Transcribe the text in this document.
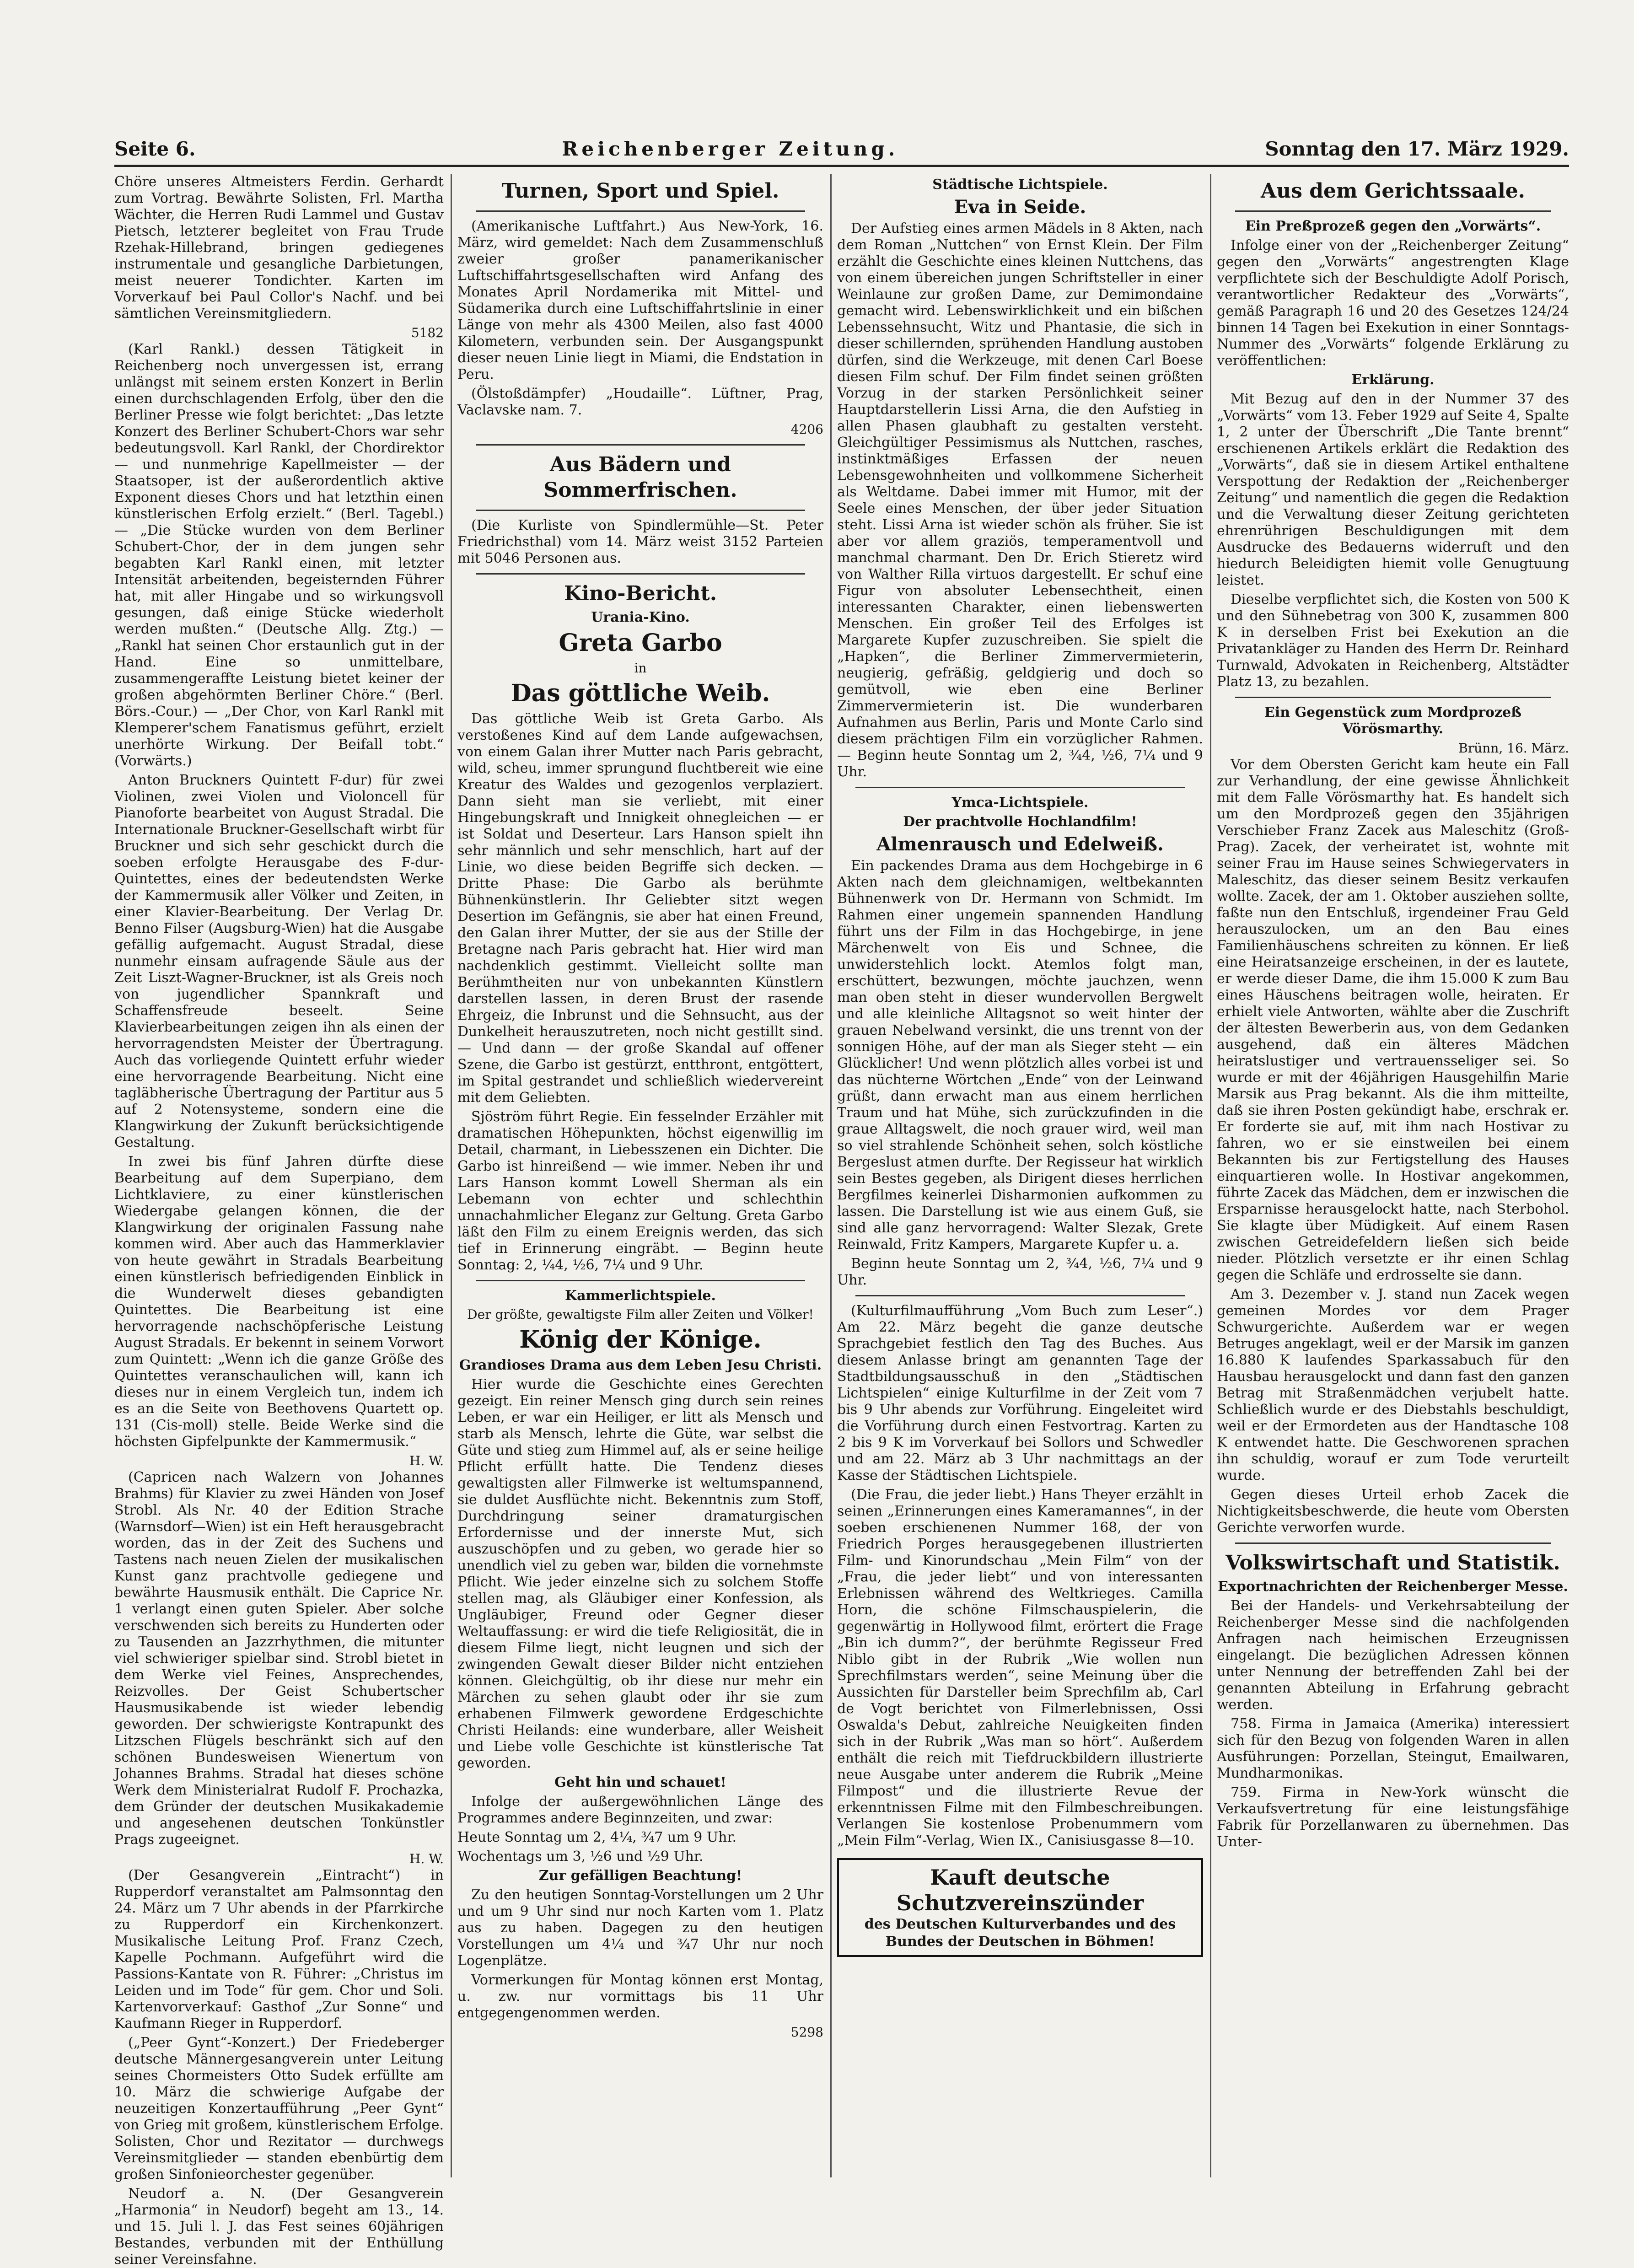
Seite 6.	Reichenberger Zeitung.	Sonntag den 17. März 1929.

Chöre unseres Altmeisters Ferdin. Gerhardt zum Vortrag. Bewährte Solisten, Frl. Martha Wächter, die Herren Rudi Lammel und Gustav Pietsch, letzterer begleitet von Frau Trude Rzehak-Hillebrand, bringen gediegenes instrumentale und gesangliche Darbietungen, meist neuerer Tondichter. Karten im Vorverkauf bei Paul Collor's Nachf. und bei sämtlichen Vereinsmitgliedern.

5182

(Karl Rankl.) dessen Tätigkeit in Reichenberg noch unvergessen ist, errang unlängst mit seinem ersten Konzert in Berlin einen durchschlagenden Erfolg, über den die Berliner Presse wie folgt berichtet: „Das letzte Konzert des Berliner Schubert-Chors war sehr bedeutungsvoll. Karl Rankl, der Chordirektor — und nunmehrige Kapellmeister — der Staatsoper, ist der außerordentlich aktive Exponent dieses Chors und hat letzthin einen künstlerischen Erfolg erzielt.“ (Berl. Tagebl.) — „Die Stücke wurden von dem Berliner Schubert-Chor, der in dem jungen sehr begabten Karl Rankl einen, mit letzter Intensität arbeitenden, begeisternden Führer hat, mit aller Hingabe und so wirkungsvoll gesungen, daß einige Stücke wiederholt werden mußten.“ (Deutsche Allg. Ztg.) — „Rankl hat seinen Chor erstaunlich gut in der Hand. Eine so unmittelbare, zusammengeraffte Leistung bietet keiner der großen abgehörmten Berliner Chöre.“ (Berl. Börs.-Cour.) — „Der Chor, von Karl Rankl mit Klemperer'schem Fanatismus geführt, erzielt unerhörte Wirkung. Der Beifall tobt.“ (Vorwärts.)

Anton Bruckners Quintett F-dur) für zwei Violinen, zwei Violen und Violoncell für Pianoforte bearbeitet von August Stradal. Die Internationale Bruckner-Gesellschaft wirbt für Bruckner und sich sehr geschickt durch die soeben erfolgte Herausgabe des F-dur-Quintettes, eines der bedeutendsten Werke der Kammermusik aller Völker und Zeiten, in einer Klavier-Bearbeitung. Der Verlag Dr. Benno Filser (Augsburg-Wien) hat die Ausgabe gefällig aufgemacht. August Stradal, diese nunmehr einsam aufragende Säule aus der Zeit Liszt-Wagner-Bruckner, ist als Greis noch von jugendlicher Spannkraft und Schaffensfreude beseelt. Seine Klavierbearbeitungen zeigen ihn als einen der hervorragendsten Meister der Übertragung. Auch das vorliegende Quintett erfuhr wieder eine hervorragende Bearbeitung. Nicht eine tagläbherische Übertragung der Partitur aus 5 auf 2 Notensysteme, sondern eine die Klangwirkung der Zukunft berücksichtigende Gestaltung.

In zwei bis fünf Jahren dürfte diese Bearbeitung auf dem Superpiano, dem Lichtklaviere, zu einer künstlerischen Wiedergabe gelangen können, die der Klangwirkung der originalen Fassung nahe kommen wird. Aber auch das Hammerklavier von heute gewährt in Stradals Bearbeitung einen künstlerisch befriedigenden Einblick in die Wunderwelt dieses gebandigten Quintettes. Die Bearbeitung ist eine hervorragende nachschöpferische Leistung August Stradals. Er bekennt in seinem Vorwort zum Quintett: „Wenn ich die ganze Größe des Quintettes veranschaulichen will, kann ich dieses nur in einem Vergleich tun, indem ich es an die Seite von Beethovens Quartett op. 131 (Cis-moll) stelle. Beide Werke sind die höchsten Gipfelpunkte der Kammermusik.“

H. W.

(Capricen nach Walzern von Johannes Brahms) für Klavier zu zwei Händen von Josef Strobl. Als Nr. 40 der Edition Strache (Warnsdorf—Wien) ist ein Heft herausgebracht worden, das in der Zeit des Suchens und Tastens nach neuen Zielen der musikalischen Kunst ganz prachtvolle gediegene und bewährte Hausmusik enthält. Die Caprice Nr. 1 verlangt einen guten Spieler. Aber solche verschwenden sich bereits zu Hunderten oder zu Tausenden an Jazzrhythmen, die mitunter viel schwieriger spielbar sind. Strobl bietet in dem Werke viel Feines, Ansprechendes, Reizvolles. Der Geist Schubertscher Hausmusikabende ist wieder lebendig geworden. Der schwierigste Kontrapunkt des Litzschen Flügels beschränkt sich auf den schönen Bundesweisen Wienertum von Johannes Brahms. Stradal hat dieses schöne Werk dem Ministerialrat Rudolf F. Prochazka, dem Gründer der deutschen Musikakademie und angesehenen deutschen Tonkünstler Prags zugeeignet.

H. W.

(Der Gesangverein „Eintracht“) in Rupperdorf veranstaltet am Palmsonntag den 24. März um 7 Uhr abends in der Pfarrkirche zu Rupperdorf ein Kirchenkonzert. Musikalische Leitung Prof. Franz Czech, Kapelle Pochmann. Aufgeführt wird die Passions-Kantate von R. Führer: „Christus im Leiden und im Tode“ für gem. Chor und Soli. Kartenvorverkauf: Gasthof „Zur Sonne“ und Kaufmann Rieger in Rupperdorf.

(„Peer Gynt“-Konzert.) Der Friedeberger deutsche Männergesangverein unter Leitung seines Chormeisters Otto Sudek erfüllte am 10. März die schwierige Aufgabe der neuzeitigen Konzertaufführung „Peer Gynt“ von Grieg mit großem, künstlerischem Erfolge. Solisten, Chor und Rezitator — durchwegs Vereinsmitglieder — standen ebenbürtig dem großen Sinfonieorchester gegenüber.

Neudorf a. N. (Der Gesangverein „Harmonia“ in Neudorf) begeht am 13., 14. und 15. Juli l. J. das Fest seines 60jährigen Bestandes, verbunden mit der Enthüllung seiner Vereinsfahne.

Turnen, Sport und Spiel.

(Amerikanische Luftfahrt.) Aus New-York, 16. März, wird gemeldet: Nach dem Zusammenschluß zweier großer panamerikanischer Luftschiffahrtsgesellschaften wird Anfang des Monates April Nordamerika mit Mittel- und Südamerika durch eine Luftschiffahrtslinie in einer Länge von mehr als 4300 Meilen, also fast 4000 Kilometern, verbunden sein. Der Ausgangspunkt dieser neuen Linie liegt in Miami, die Endstation in Peru.

(Ölstoßdämpfer) „Houdaille“. Lüftner, Prag, Vaclavske nam. 7.

4206
Aus Bädern und Sommerfrischen.

(Die Kurliste von Spindlermühle—St. Peter Friedrichsthal) vom 14. März weist 3152 Parteien mit 5046 Personen aus.

Kino-Bericht.
Urania-Kino.
Greta Garbo
in
Das göttliche Weib.

Das göttliche Weib ist Greta Garbo. Als verstoßenes Kind auf dem Lande aufgewachsen, von einem Galan ihrer Mutter nach Paris gebracht, wild, scheu, immer sprungund fluchtbereit wie eine Kreatur des Waldes und gezogenlos verplaziert. Dann sieht man sie verliebt, mit einer Hingebungskraft und Innigkeit ohnegleichen — er ist Soldat und Deserteur. Lars Hanson spielt ihn sehr männlich und sehr menschlich, hart auf der Linie, wo diese beiden Begriffe sich decken. — Dritte Phase: Die Garbo als berühmte Bühnenkünstlerin. Ihr Geliebter sitzt wegen Desertion im Gefängnis, sie aber hat einen Freund, den Galan ihrer Mutter, der sie aus der Stille der Bretagne nach Paris gebracht hat. Hier wird man nachdenklich gestimmt. Vielleicht sollte man Berühmtheiten nur von unbekannten Künstlern darstellen lassen, in deren Brust der rasende Ehrgeiz, die Inbrunst und die Sehnsucht, aus der Dunkelheit herauszutreten, noch nicht gestillt sind. — Und dann — der große Skandal auf offener Szene, die Garbo ist gestürzt, entthront, entgöttert, im Spital gestrandet und schließlich wiedervereint mit dem Geliebten.

Sjöström führt Regie. Ein fesselnder Erzähler mit dramatischen Höhepunkten, höchst eigenwillig im Detail, charmant, in Liebesszenen ein Dichter. Die Garbo ist hinreißend — wie immer. Neben ihr und Lars Hanson kommt Lowell Sherman als ein Lebemann von echter und schlechthin unnachahmlicher Eleganz zur Geltung. Greta Garbo läßt den Film zu einem Ereignis werden, das sich tief in Erinnerung eingräbt. — Beginn heute Sonntag: 2, ¼4, ½6, 7¼ und 9 Uhr.

Kammerlichtspiele.
Der größte, gewaltigste Film aller Zeiten und Völker!
König der Könige.
Grandioses Drama aus dem Leben Jesu Christi.

Hier wurde die Geschichte eines Gerechten gezeigt. Ein reiner Mensch ging durch sein reines Leben, er war ein Heiliger, er litt als Mensch und starb als Mensch, lehrte die Güte, war selbst die Güte und stieg zum Himmel auf, als er seine heilige Pflicht erfüllt hatte. Die Tendenz dieses gewaltigsten aller Filmwerke ist weltumspannend, sie duldet Ausflüchte nicht. Bekenntnis zum Stoff, Durchdringung seiner dramaturgischen Erfordernisse und der innerste Mut, sich auszuschöpfen und zu geben, wo gerade hier so unendlich viel zu geben war, bilden die vornehmste Pflicht. Wie jeder einzelne sich zu solchem Stoffe stellen mag, als Gläubiger einer Konfession, als Ungläubiger, Freund oder Gegner dieser Weltauffassung: er wird die tiefe Religiosität, die in diesem Filme liegt, nicht leugnen und sich der zwingenden Gewalt dieser Bilder nicht entziehen können. Gleichgültig, ob ihr diese nur mehr ein Märchen zu sehen glaubt oder ihr sie zum erhabenen Filmwerk gewordene Erdgeschichte Christi Heilands: eine wunderbare, aller Weisheit und Liebe volle Geschichte ist künstlerische Tat geworden.

Geht hin und schauet!

Infolge der außergewöhnlichen Länge des Programmes andere Beginnzeiten, und zwar:

Heute Sonntag um 2, 4¼, ¾7 um 9 Uhr.

Wochentags um 3, ½6 und ½9 Uhr.

Zur gefälligen Beachtung!

Zu den heutigen Sonntag-Vorstellungen um 2 Uhr und um 9 Uhr sind nur noch Karten vom 1. Platz aus zu haben. Dagegen zu den heutigen Vorstellungen um 4¼ und ¾7 Uhr nur noch Logenplätze.

Vormerkungen für Montag können erst Montag, u. zw. nur vormittags bis 11 Uhr entgegengenommen werden.

5298
Städtische Lichtspiele.
Eva in Seide.

Der Aufstieg eines armen Mädels in 8 Akten, nach dem Roman „Nuttchen“ von Ernst Klein. Der Film erzählt die Geschichte eines kleinen Nuttchens, das von einem übereichen jungen Schriftsteller in einer Weinlaune zur großen Dame, zur Demimondaine gemacht wird. Lebenswirklichkeit und ein bißchen Lebenssehnsucht, Witz und Phantasie, die sich in dieser schillernden, sprühenden Handlung austoben dürfen, sind die Werkzeuge, mit denen Carl Boese diesen Film schuf. Der Film findet seinen größten Vorzug in der starken Persönlichkeit seiner Hauptdarstellerin Lissi Arna, die den Aufstieg in allen Phasen glaubhaft zu gestalten versteht. Gleichgültiger Pessimismus als Nuttchen, rasches, instinktmäßiges Erfassen der neuen Lebensgewohnheiten und vollkommene Sicherheit als Weltdame. Dabei immer mit Humor, mit der Seele eines Menschen, der über jeder Situation steht. Lissi Arna ist wieder schön als früher. Sie ist aber vor allem graziös, temperamentvoll und manchmal charmant. Den Dr. Erich Stieretz wird von Walther Rilla virtuos dargestellt. Er schuf eine Figur von absoluter Lebensechtheit, einen interessanten Charakter, einen liebenswerten Menschen. Ein großer Teil des Erfolges ist Margarete Kupfer zuzuschreiben. Sie spielt die „Hapken“, die Berliner Zimmervermieterin, neugierig, gefräßig, geldgierig und doch so gemütvoll, wie eben eine Berliner Zimmervermieterin ist. Die wunderbaren Aufnahmen aus Berlin, Paris und Monte Carlo sind diesem prächtigen Film ein vorzüglicher Rahmen. — Beginn heute Sonntag um 2, ¾4, ½6, 7¼ und 9 Uhr.

Ymca-Lichtspiele.
Der prachtvolle Hochlandfilm!
Almenrausch und Edelweiß.

Ein packendes Drama aus dem Hochgebirge in 6 Akten nach dem gleichnamigen, weltbekannten Bühnenwerk von Dr. Hermann von Schmidt. Im Rahmen einer ungemein spannenden Handlung führt uns der Film in das Hochgebirge, in jene Märchenwelt von Eis und Schnee, die unwiderstehlich lockt. Atemlos folgt man, erschüttert, bezwungen, möchte jauchzen, wenn man oben steht in dieser wundervollen Bergwelt und alle kleinliche Alltagsnot so weit hinter der grauen Nebelwand versinkt, die uns trennt von der sonnigen Höhe, auf der man als Sieger steht — ein Glücklicher! Und wenn plötzlich alles vorbei ist und das nüchterne Wörtchen „Ende“ von der Leinwand grüßt, dann erwacht man aus einem herrlichen Traum und hat Mühe, sich zurückzufinden in die graue Alltagswelt, die noch grauer wird, weil man so viel strahlende Schönheit sehen, solch köstliche Bergeslust atmen durfte. Der Regisseur hat wirklich sein Bestes gegeben, als Dirigent dieses herrlichen Bergfilmes keinerlei Disharmonien aufkommen zu lassen. Die Darstellung ist wie aus einem Guß, sie sind alle ganz hervorragend: Walter Slezak, Grete Reinwald, Fritz Kampers, Margarete Kupfer u. a.

Beginn heute Sonntag um 2, ¾4, ½6, 7¼ und 9 Uhr.

(Kulturfilmaufführung „Vom Buch zum Leser“.) Am 22. März begeht die ganze deutsche Sprachgebiet festlich den Tag des Buches. Aus diesem Anlasse bringt am genannten Tage der Stadtbildungsausschuß in den „Städtischen Lichtspielen“ einige Kulturfilme in der Zeit vom 7 bis 9 Uhr abends zur Vorführung. Eingeleitet wird die Vorführung durch einen Festvortrag. Karten zu 2 bis 9 K im Vorverkauf bei Sollors und Schwedler und am 22. März ab 3 Uhr nachmittags an der Kasse der Städtischen Lichtspiele.

(Die Frau, die jeder liebt.) Hans Theyer erzählt in seinen „Erinnerungen eines Kameramannes“, in der soeben erschienenen Nummer 168, der von Friedrich Porges herausgegebenen illustrierten Film- und Kinorundschau „Mein Film“ von der „Frau, die jeder liebt“ und von interessanten Erlebnissen während des Weltkrieges. Camilla Horn, die schöne Filmschauspielerin, die gegenwärtig in Hollywood filmt, erörtert die Frage „Bin ich dumm?“, der berühmte Regisseur Fred Niblo gibt in der Rubrik „Wie wollen nun Sprechfilmstars werden“, seine Meinung über die Aussichten für Darsteller beim Sprechfilm ab, Carl de Vogt berichtet von Filmerlebnissen, Ossi Oswalda's Debut, zahlreiche Neuigkeiten finden sich in der Rubrik „Was man so hört“. Außerdem enthält die reich mit Tiefdruckbildern illustrierte neue Ausgabe unter anderem die Rubrik „Meine Filmpost“ und die illustrierte Revue der erkenntnissen Filme mit den Filmbeschreibungen. Verlangen Sie kostenlose Probenummern vom „Mein Film“-Verlag, Wien IX., Canisiusgasse 8—10.

Kauft deutsche Schutzvereinszünder
des Deutschen Kulturverbandes und des Bundes der Deutschen in Böhmen!
Aus dem Gerichtssaale.
Ein Preßprozeß gegen den „Vorwärts“.

Infolge einer von der „Reichenberger Zeitung“ gegen den „Vorwärts“ angestrengten Klage verpflichtete sich der Beschuldigte Adolf Porisch, verantwortlicher Redakteur des „Vorwärts“, gemäß Paragraph 16 und 20 des Gesetzes 124/24 binnen 14 Tagen bei Exekution in einer Sonntags-Nummer des „Vorwärts“ folgende Erklärung zu veröffentlichen:

Erklärung.

Mit Bezug auf den in der Nummer 37 des „Vorwärts“ vom 13. Feber 1929 auf Seite 4, Spalte 1, 2 unter der Überschrift „Die Tante brennt“ erschienenen Artikels erklärt die Redaktion des „Vorwärts“, daß sie in diesem Artikel enthaltene Verspottung der Redaktion der „Reichenberger Zeitung“ und namentlich die gegen die Redaktion und die Verwaltung dieser Zeitung gerichteten ehrenrührigen Beschuldigungen mit dem Ausdrucke des Bedauerns widerruft und den hiedurch Beleidigten hiemit volle Genugtuung leistet.

Dieselbe verpflichtet sich, die Kosten von 500 K und den Sühnebetrag von 300 K, zusammen 800 K in derselben Frist bei Exekution an die Privatankläger zu Handen des Herrn Dr. Reinhard Turnwald, Advokaten in Reichenberg, Altstädter Platz 13, zu bezahlen.

Ein Gegenstück zum Mordprozeß Vörösmarthy.
Brünn, 16. März.

Vor dem Obersten Gericht kam heute ein Fall zur Verhandlung, der eine gewisse Ähnlichkeit mit dem Falle Vörösmarthy hat. Es handelt sich um den Mordprozeß gegen den 35jährigen Verschieber Franz Zacek aus Maleschitz (Groß-Prag). Zacek, der verheiratet ist, wohnte mit seiner Frau im Hause seines Schwiegervaters in Maleschitz, das dieser seinem Besitz verkaufen wollte. Zacek, der am 1. Oktober ausziehen sollte, faßte nun den Entschluß, irgendeiner Frau Geld herauszulocken, um an den Bau eines Familienhäuschens schreiten zu können. Er ließ eine Heiratsanzeige erscheinen, in der es lautete, er werde dieser Dame, die ihm 15.000 K zum Bau eines Häuschens beitragen wolle, heiraten. Er erhielt viele Antworten, wählte aber die Zuschrift der ältesten Bewerberin aus, von dem Gedanken ausgehend, daß ein älteres Mädchen heiratslustiger und vertrauensseliger sei. So wurde er mit der 46jährigen Hausgehilfin Marie Marsik aus Prag bekannt. Als die ihm mitteilte, daß sie ihren Posten gekündigt habe, erschrak er. Er forderte sie auf, mit ihm nach Hostivar zu fahren, wo er sie einstweilen bei einem Bekannten bis zur Fertigstellung des Hauses einquartieren wolle. In Hostivar angekommen, führte Zacek das Mädchen, dem er inzwischen die Ersparnisse herausgelockt hatte, nach Sterbohol. Sie klagte über Müdigkeit. Auf einem Rasen zwischen Getreidefeldern ließen sich beide nieder. Plötzlich versetzte er ihr einen Schlag gegen die Schläfe und erdrosselte sie dann.

Am 3. Dezember v. J. stand nun Zacek wegen gemeinen Mordes vor dem Prager Schwurgerichte. Außerdem war er wegen Betruges angeklagt, weil er der Marsik im ganzen 16.880 K laufendes Sparkassabuch für den Hausbau herausgelockt und dann fast den ganzen Betrag mit Straßenmädchen verjubelt hatte. Schließlich wurde er des Diebstahls beschuldigt, weil er der Ermordeten aus der Handtasche 108 K entwendet hatte. Die Geschworenen sprachen ihn schuldig, worauf er zum Tode verurteilt wurde.

Gegen dieses Urteil erhob Zacek die Nichtigkeitsbeschwerde, die heute vom Obersten Gerichte verworfen wurde.

Volkswirtschaft und Statistik.
Exportnachrichten der Reichenberger Messe.

Bei der Handels- und Verkehrsabteilung der Reichenberger Messe sind die nachfolgenden Anfragen nach heimischen Erzeugnissen eingelangt. Die bezüglichen Adressen können unter Nennung der betreffenden Zahl bei der genannten Abteilung in Erfahrung gebracht werden.

758. Firma in Jamaica (Amerika) interessiert sich für den Bezug von folgenden Waren in allen Ausführungen: Porzellan, Steingut, Emailwaren, Mundharmonikas.

759. Firma in New-York wünscht die Verkaufsvertretung für eine leistungsfähige Fabrik für Porzellanwaren zu übernehmen. Das Unter-
